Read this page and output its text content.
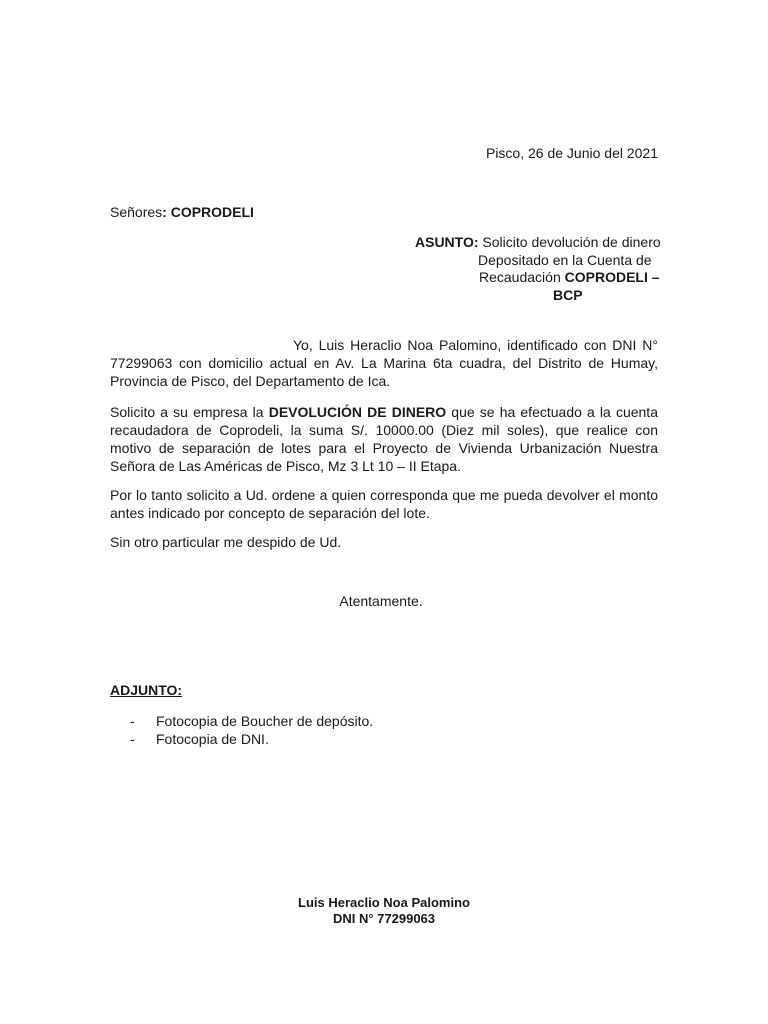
Pisco, 26 de Junio del 2021
Señores: COPRODELI
ASUNTO: Solicito devolución de dinero
Depositado en la Cuenta de
Recaudación COPRODELI –
BCP

Yo, Luis Heraclio Noa Palomino, identificado con DNI N° 77299063 con domicilio actual en Av. La Marina 6ta cuadra, del Distrito de Humay, Provincia de Pisco, del Departamento de Ica.

Solicito a su empresa la DEVOLUCIÓN DE DINERO que se ha efectuado a la cuenta recaudadora de Coprodeli, la suma S/. 10000.00 (Diez mil soles), que realice con motivo de separación de lotes para el Proyecto de Vivienda Urbanización Nuestra Señora de Las Américas de Pisco, Mz 3 Lt 10 – II Etapa.

Por lo tanto solicito a Ud. ordene a quien corresponda que me pueda devolver el monto antes indicado por concepto de separación del lote.

Sin otro particular me despido de Ud.

Atentamente.
ADJUNTO:
- Fotocopia de Boucher de depósito.
- Fotocopia de DNI.
Luis Heraclio Noa Palomino
DNI N° 77299063
